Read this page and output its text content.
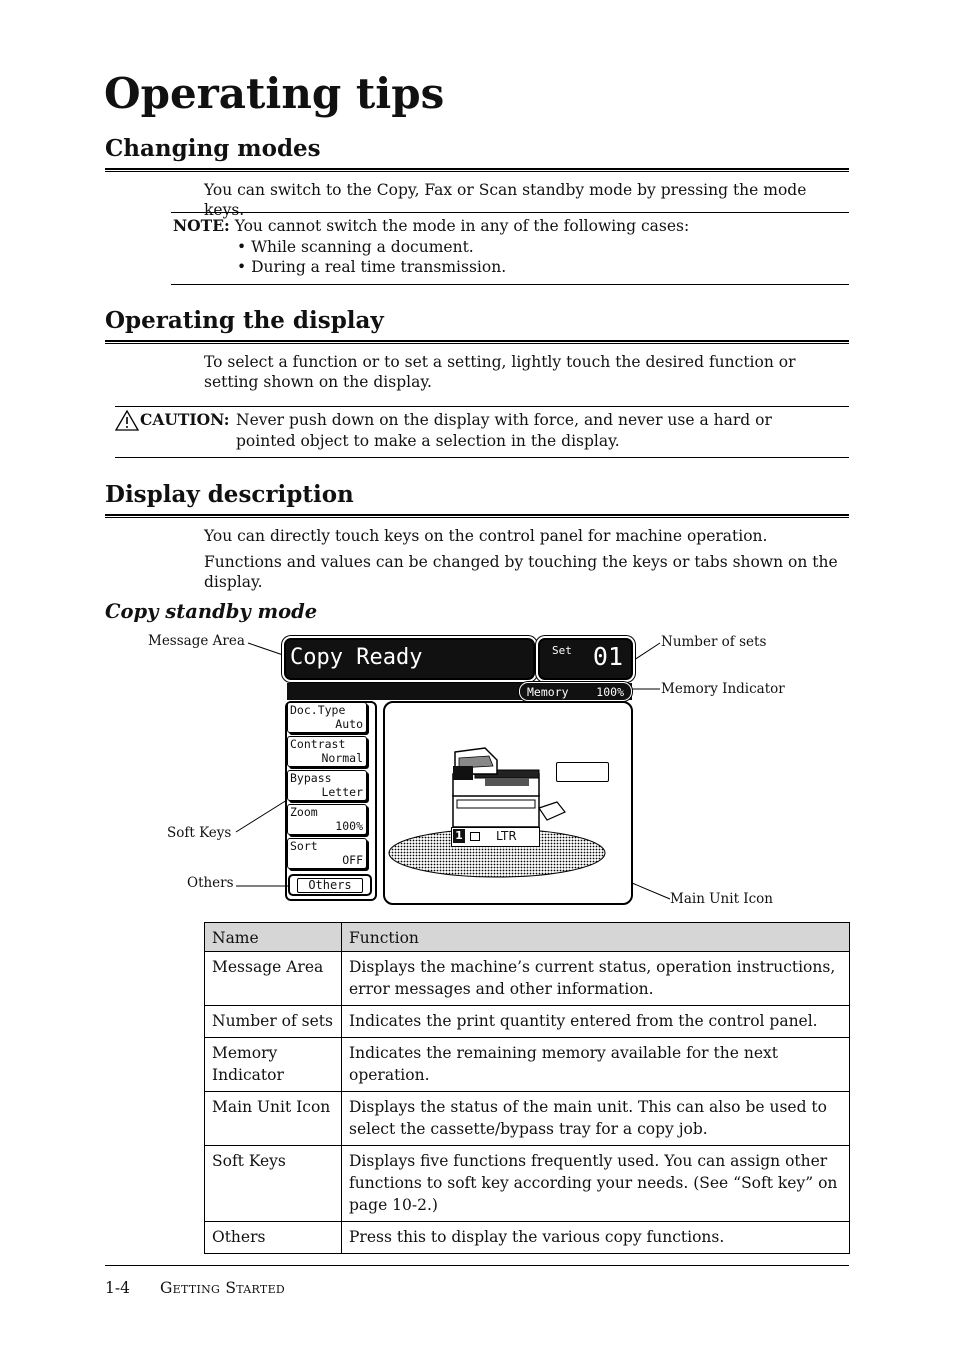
Operating tips
Changing modes
You can switch to the Copy, Fax or Scan standby mode by pressing the mode keys.
NOTE: You cannot switch the mode in any of the following cases:
• While scanning a document.
• During a real time transmission.
Operating the display
To select a function or to set a setting, lightly touch the desired function or setting shown on the display.
CAUTION: Never push down on the display with force, and never use a hard or pointed object to make a selection in the display.
Display description
You can directly touch keys on the control panel for machine operation.
Functions and values can be changed by touching the keys or tabs shown on the display.
Copy standby mode
Message Area	Number of sets
Memory Indicator
Soft Keys
Others
Main Unit Icon
Copy Ready	Set 01
Memory 100%
Doc.Type
Auto
Contrast
Normal
Bypass
Letter
Zoom
100%
Sort
OFF
Others
1	LTR
Name	Function
Message Area	Displays the machine’s current status, operation instructions, error messages and other information.
Number of sets	Indicates the print quantity entered from the control panel.
Memory Indicator	Indicates the remaining memory available for the next operation.
Main Unit Icon	Displays the status of the main unit. This can also be used to select the cassette/bypass tray for a copy job.
Soft Keys	Displays five functions frequently used. You can assign other functions to soft key according your needs. (See “Soft key” on page 10-2.)
Others	Press this to display the various copy functions.
1-4 Getting Started
